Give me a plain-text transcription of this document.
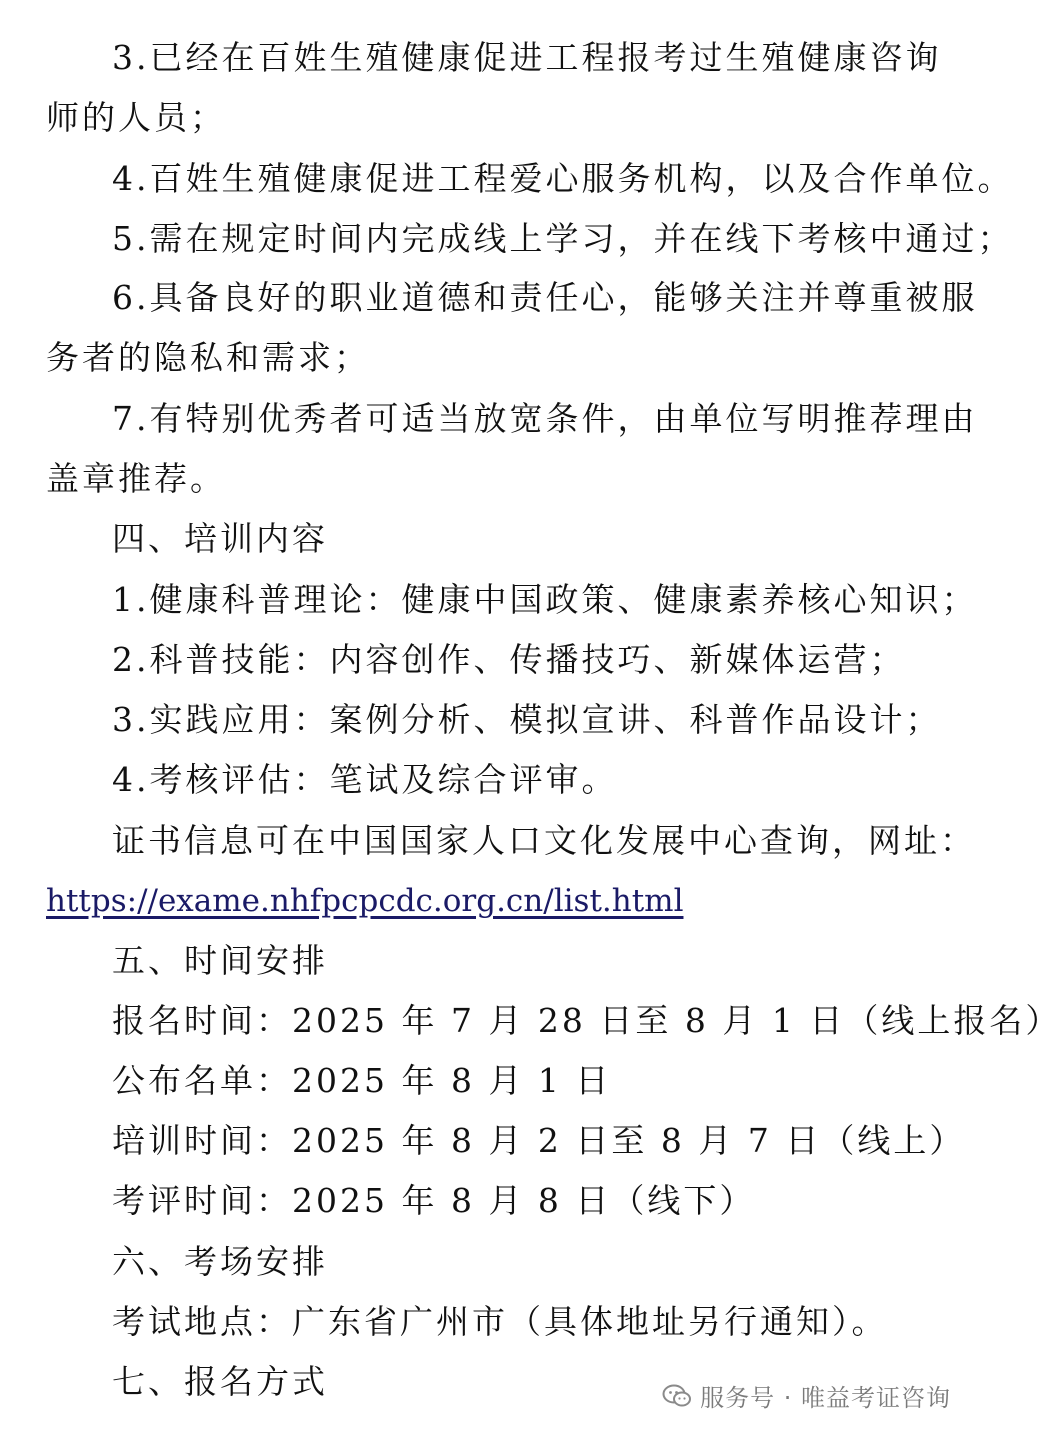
3.已经在百姓生殖健康促进工程报考过生殖健康咨询
师的人员；
4.百姓生殖健康促进工程爱心服务机构，以及合作单位。
5.需在规定时间内完成线上学习，并在线下考核中通过；
6.具备良好的职业道德和责任心，能够关注并尊重被服
务者的隐私和需求；
7.有特别优秀者可适当放宽条件，由单位写明推荐理由
盖章推荐。
四、培训内容
1.健康科普理论：健康中国政策、健康素养核心知识；
2.科普技能：内容创作、传播技巧、新媒体运营；
3.实践应用：案例分析、模拟宣讲、科普作品设计；
4.考核评估：笔试及综合评审。
证书信息可在中国国家人口文化发展中心查询，网址：
https://exame.nhfpcpcdc.org.cn/list.html
五、时间安排
报名时间：2025 年 7 月 28 日至 8 月 1 日（线上报名）
公布名单：2025 年 8 月 1 日
培训时间：2025 年 8 月 2 日至 8 月 7 日（线上）
考评时间：2025 年 8 月 8 日（线下）
六、考场安排
考试地点：广东省广州市（具体地址另行通知）。
七、报名方式	服务号 · 唯益考证咨询
